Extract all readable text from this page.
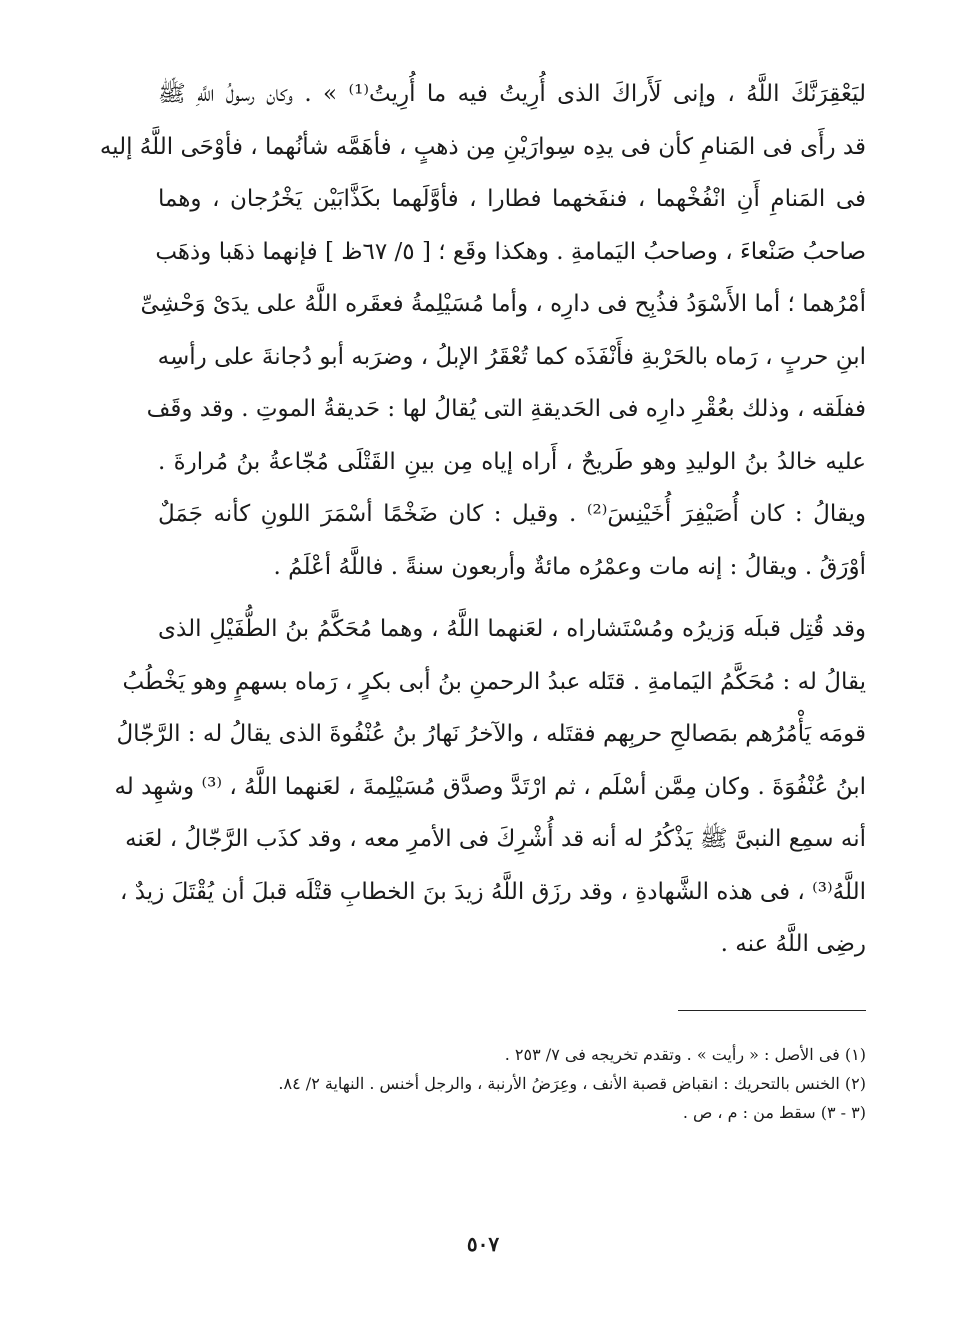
ليَعْقِرَنَّكَ اللَّهُ ، وإنى لَأَراكَ الذى أُرِيتُ فيه ما أُرِيتُ⁽¹⁾ » . وكان رسولُ اللَّهِ ﷺ
قد رأَى فى المَنامِ كأن فى يدِه سِوارَيْنِ مِن ذهبٍ ، فأهَمَّه شأنُهما ، فأوْحَى اللَّهُ إليه
فى المَنامِ أَنِ انْفُخْهما ، فنفَخهما فطارا ، فأوَّلَهما بكَذَّابَيْن يَخْرُجان ، وهما
صاحبُ صَنْعاءَ ، وصاحبُ اليَمامةِ . وهكذا وقَع ؛ [ ٥/ ٦٧ظ ] فإنهما ذهَبا وذهَب
أمْرُهما ؛ أما الأَسْوَدُ فذُبِح فى دارِه ، وأما مُسَيْلِمةُ فعقَره اللَّهُ على يدَىْ وَحْشِىِّ
ابنِ حربٍ ، رَماه بالحَرْبةِ فأَنْفَذَه كما تُعْقَرُ الإبلُ ، وضرَبه أبو دُجانةَ على رأسِه
ففلَقه ، وذلك بعُقْرِ دارِه فى الحَديقةِ التى يُقالُ لها : حَديقةُ الموتِ . وقد وقَف
عليه خالدُ بنُ الوليدِ وهو طَريحٌ ، أَراه إياه مِن بينِ القَتْلَى مُجّاعةُ بنُ مُرارةَ .
ويقالُ : كان أُصَيْفِرَ أُخَيْنِسَ⁽²⁾ . وقيل : كان ضَخْمًا أسْمَرَ اللونِ كأنه جَمَلٌ
أوْرَقُ . ويقالُ : إنه مات وعمْرُه مائةٌ وأربعون سنةً . فاللَّهُ أعْلَمُ .
وقد قُتِل قبلَه وَزيرُه ومُسْتَشاراه ، لعَنهما اللَّهُ ، وهما مُحَكَّمُ بنُ الطُّفَيْلِ الذى
يقالُ له : مُحَكَّمُ اليَمامةِ . قتَله عبدُ الرحمنِ بنُ أبى بكرٍ ، رَماه بسهمٍ وهو يَخْطُبُ
قومَه يَأْمُرُهم بمَصالحِ حربِهم فقتَله ، والآخرُ نَهارُ بنُ عُنْفُوةَ الذى يقالُ له : الرَّجّالُ
ابنُ عُنْفُوَةَ . وكان مِمَّن أسْلَم ، ثم ارْتَدَّ وصدَّق مُسَيْلِمةَ ، لعَنهما اللَّهُ ، ⁽³⁾ وشهِد له
أنه سمِع النبىَّ ﷺ يَذْكُرُ له أنه قد أُشْرِكَ فى الأمرِ معه ، وقد كذَب الرَّجّالُ ، لعَنه
اللَّهُ⁽³⁾ ، فى هذه الشَّهادةِ ، وقد رزَق اللَّهُ زيدَ بنَ الخطابِ قتْلَه قبلَ أن يُقْتَلَ زيدٌ ،
رضِى اللَّهُ عنه .
(١) فى الأصل : « رأيت » . وتقدم تخريجه فى ٧/ ٢٥٣ .
(٢) الخنس بالتحريك : انقباض قصبة الأنف ، وعِرَضُ الأرنبة ، والرجل أخنس . النهاية ٢/ ٨٤.
(٣ - ٣) سقط من : م ، ص .
٥٠٧
